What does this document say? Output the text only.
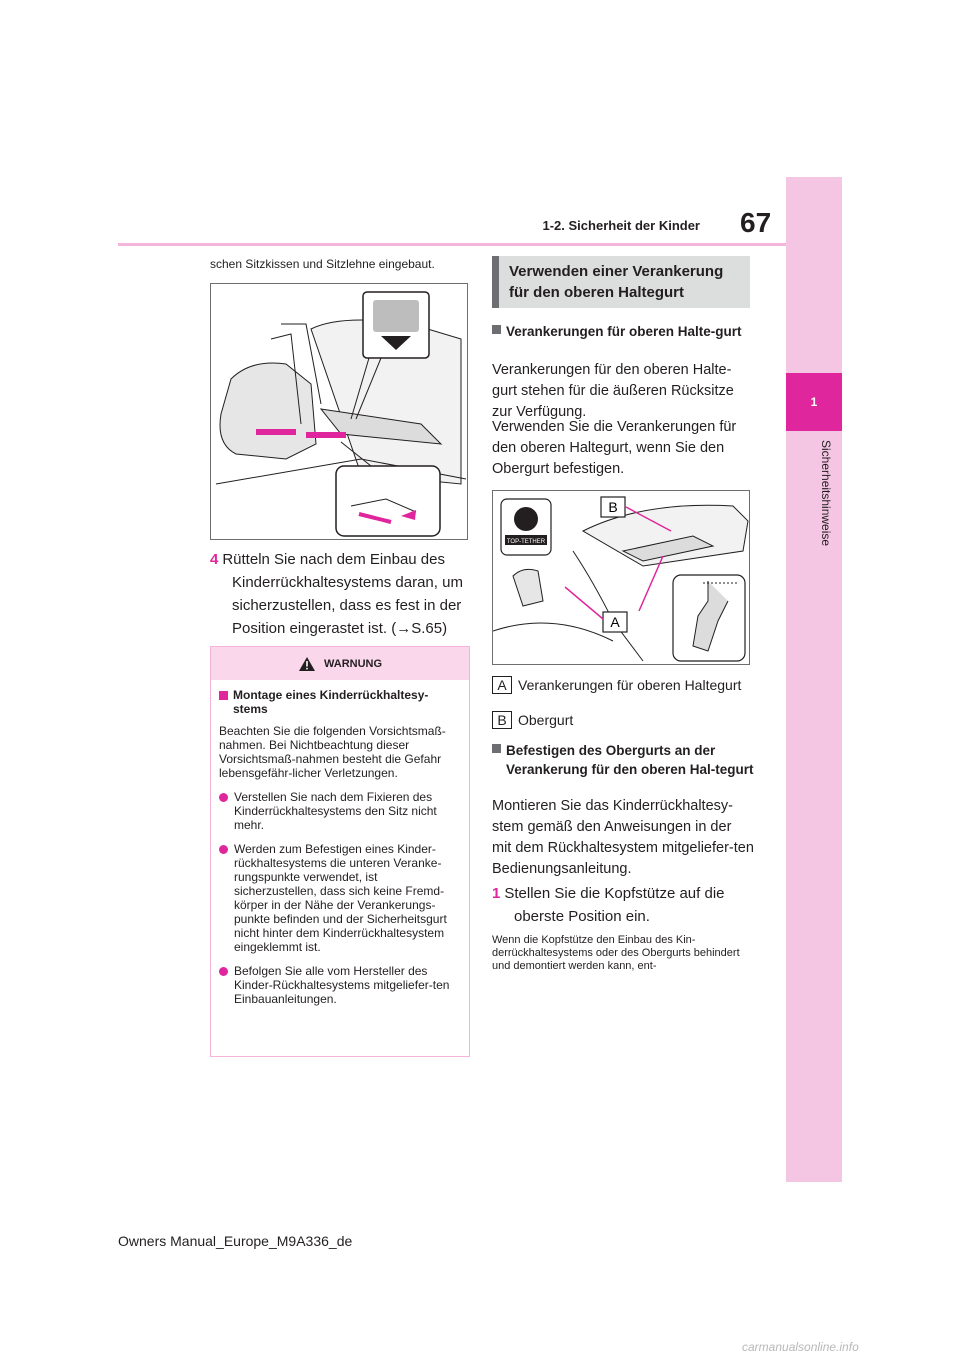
1-2. Sicherheit der Kinder 67
1
schen Sitzkissen und Sitzlehne eingebaut.
4 Rütteln Sie nach dem Einbau des
Kinderrückhaltesystems daran, um
sicherzustellen, dass es fest in der
Position eingerastet ist. (→S.65)
WARNUNG
Montage eines Kinderrückhaltesy-stems
Beachten Sie die folgenden Vorsichtsmaß-nahmen. Bei Nichtbeachtung dieser Vorsichtsmaß-nahmen besteht die Gefahr lebensgefähr-licher Verletzungen.
Verstellen Sie nach dem Fixieren des Kinderrückhaltesystems den Sitz nicht mehr.
Werden zum Befestigen eines Kinder-rückhaltesystems die unteren Veranke-rungspunkte verwendet, ist sicherzustellen, dass sich keine Fremd-körper in der Nähe der Verankerungs-punkte befinden und der Sicherheitsgurt nicht hinter dem Kinderrückhaltesystem eingeklemmt ist.
Befolgen Sie alle vom Hersteller des Kinder-Rückhaltesystems mitgeliefer-ten Einbauanleitungen.
Verwenden einer Verankerung für den oberen Haltegurt
Verankerungen für oberen Halte-gurt
Verankerungen für den oberen Halte-gurt stehen für die äußeren Rücksitze zur Verfügung.
Verwenden Sie die Verankerungen für den oberen Haltegurt, wenn Sie den Obergurt befestigen.
TOP-TETHER
B
A
A Verankerungen für oberen Haltegurt
B Obergurt
Befestigen des Obergurts an der Verankerung für den oberen Hal-tegurt
Montieren Sie das Kinderrückhaltesy-stem gemäß den Anweisungen in der mit dem Rückhaltesystem mitgeliefer-ten Bedienungsanleitung.
1 Stellen Sie die Kopfstütze auf die
oberste Position ein.
Wenn die Kopfstütze den Einbau des Kin-derrückhaltesystems oder des Obergurts behindert und demontiert werden kann, ent-
Owners Manual_Europe_M9A336_de
carmanualsonline.info
